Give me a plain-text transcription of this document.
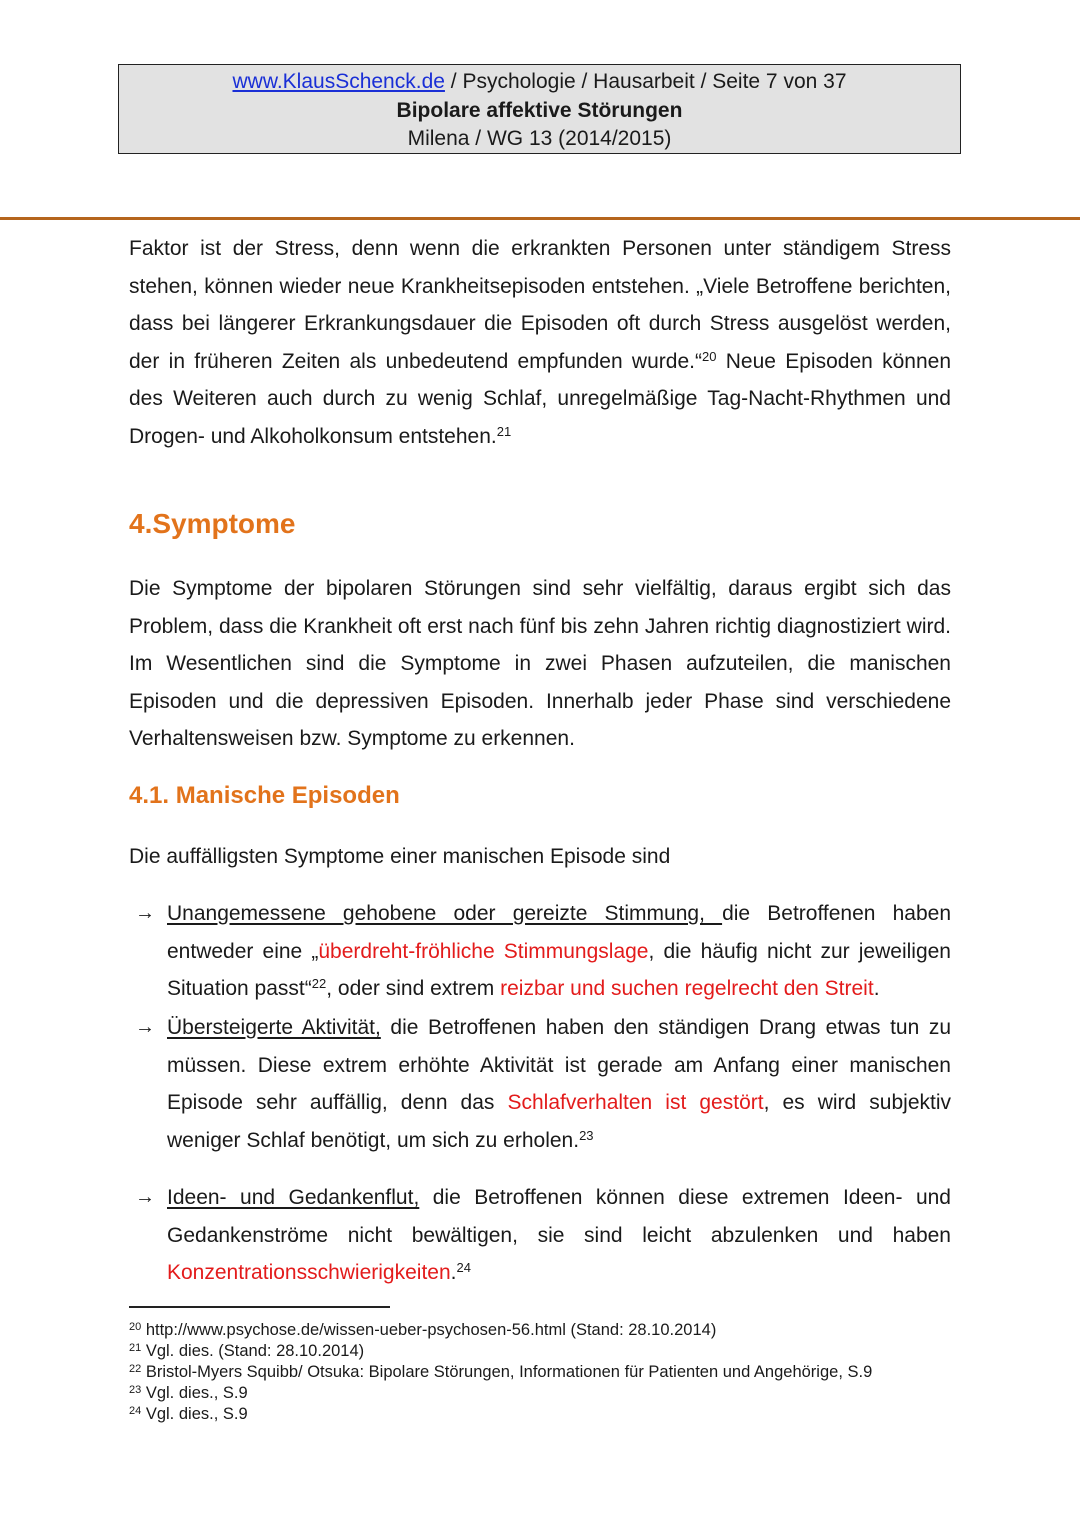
www.KlausSchenck.de / Psychologie / Hausarbeit / Seite 7 von 37
Bipolare affektive Störungen
Milena / WG 13 (2014/2015)
Faktor ist der Stress, denn wenn die erkrankten Personen unter ständigem Stress stehen, können wieder neue Krankheitsepisoden entstehen. „Viele Betroffene berichten, dass bei längerer Erkrankungsdauer die Episoden oft durch Stress ausgelöst werden, der in früheren Zeiten als unbedeutend empfunden wurde.“$^{20}$ Neue Episoden können des Weiteren auch durch zu wenig Schlaf, unregelmäßige Tag-Nacht-Rhythmen und Drogen- und Alkoholkonsum entstehen.$^{21}$
4.Symptome
Die Symptome der bipolaren Störungen sind sehr vielfältig, daraus ergibt sich das Problem, dass die Krankheit oft erst nach fünf bis zehn Jahren richtig diagnostiziert wird. Im Wesentlichen sind die Symptome in zwei Phasen aufzuteilen, die manischen Episoden und die depressiven Episoden. Innerhalb jeder Phase sind verschiedene Verhaltensweisen bzw. Symptome zu erkennen.
4.1. Manische Episoden
Die auffälligsten Symptome einer manischen Episode sind
→ Unangemessene gehobene oder gereizte Stimmung, die Betroffenen haben entweder eine „überdreht-fröhliche Stimmungslage, die häufig nicht zur jeweiligen Situation passt“$^{22}$, oder sind extrem reizbar und suchen regelrecht den Streit.
→ Übersteigerte Aktivität, die Betroffenen haben den ständigen Drang etwas tun zu müssen. Diese extrem erhöhte Aktivität ist gerade am Anfang einer manischen Episode sehr auffällig, denn das Schlafverhalten ist gestört, es wird subjektiv weniger Schlaf benötigt, um sich zu erholen.$^{23}$
→ Ideen- und Gedankenflut, die Betroffenen können diese extremen Ideen- und Gedankenströme nicht bewältigen, sie sind leicht abzulenken und haben Konzentrationsschwierigkeiten.$^{24}$
$^{20}$ http://www.psychose.de/wissen-ueber-psychosen-56.html (Stand: 28.10.2014)
$^{21}$ Vgl. dies. (Stand: 28.10.2014)
$^{22}$ Bristol-Myers Squibb/ Otsuka: Bipolare Störungen, Informationen für Patienten und Angehörige, S.9
$^{23}$ Vgl. dies., S.9
$^{24}$ Vgl. dies., S.9
